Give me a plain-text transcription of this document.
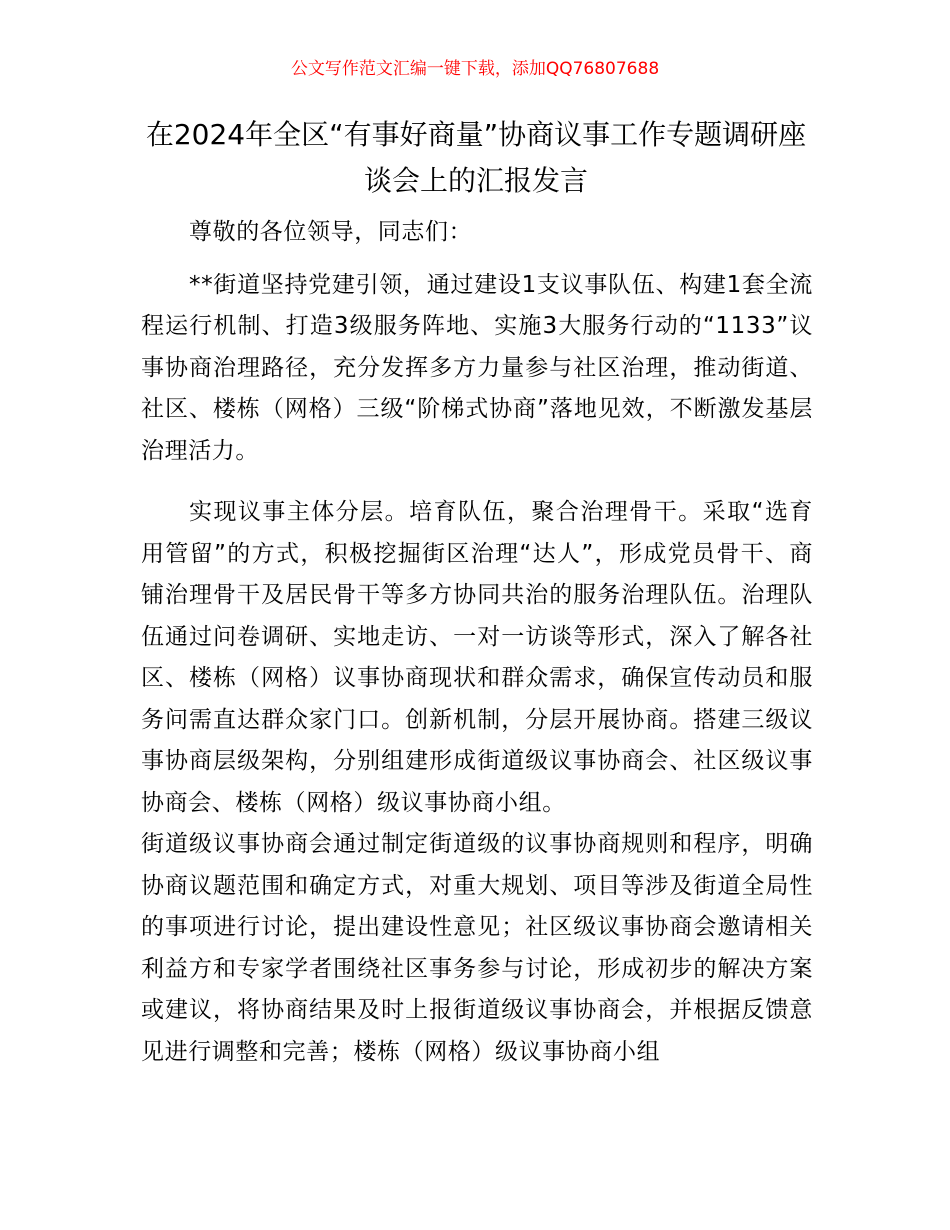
公文写作范文汇编一键下载，添加QQ76807688
在2024年全区“有事好商量”协商议事工作专题调研座谈会上的汇报发言

尊敬的各位领导，同志们：

**街道坚持党建引领，通过建设1支议事队伍、构建1套全流程运行机制、打造3级服务阵地、实施3大服务行动的“1133”议事协商治理路径，充分发挥多方力量参与社区治理，推动街道、社区、楼栋（网格）三级“阶梯式协商”落地见效，不断激发基层治理活力。

实现议事主体分层。培育队伍，聚合治理骨干。采取“选育用管留”的方式，积极挖掘街区治理“达人”，形成党员骨干、商铺治理骨干及居民骨干等多方协同共治的服务治理队伍。治理队伍通过问卷调研、实地走访、一对一访谈等形式，深入了解各社区、楼栋（网格）议事协商现状和群众需求，确保宣传动员和服务问需直达群众家门口。创新机制，分层开展协商。搭建三级议事协商层级架构，分别组建形成街道级议事协商会、社区级议事协商会、楼栋（网格）级议事协商小组。

街道级议事协商会通过制定街道级的议事协商规则和程序，明确协商议题范围和确定方式，对重大规划、项目等涉及街道全局性的事项进行讨论，提出建设性意见；社区级议事协商会邀请相关利益方和专家学者围绕社区事务参与讨论，形成初步的解决方案或建议，将协商结果及时上报街道级议事协商会，并根据反馈意见进行调整和完善；楼栋（网格）级议事协商小组
